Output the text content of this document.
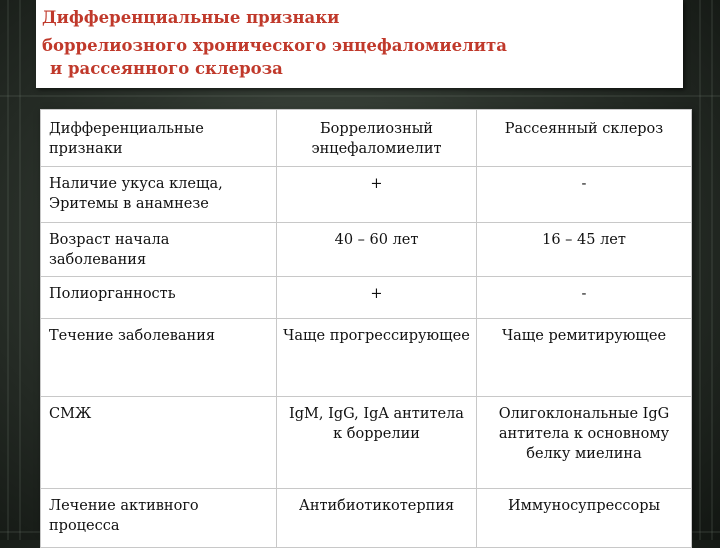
Дифференциальные признаки
боррелиозного хронического энцефаломиелита
и рассеянного склероза
Дифференциальные признаки	Боррелиозный энцефаломиелит	Рассеянный склероз

Наличие укуса клеща, Эритемы в анамнезе	+	-

Возраст начала заболевания	40 – 60 лет	16 – 45 лет

Полиорганность	+	-

Течение заболевания	Чаще прогрессирующее	Чаще ремитирующее

СМЖ	IgM, IgG, IgA антитела к боррелии	Олигоклональные IgG антитела к основному белку миелина

Лечение активного процесса	Антибиотикотерпия	Иммуносупрессоры
